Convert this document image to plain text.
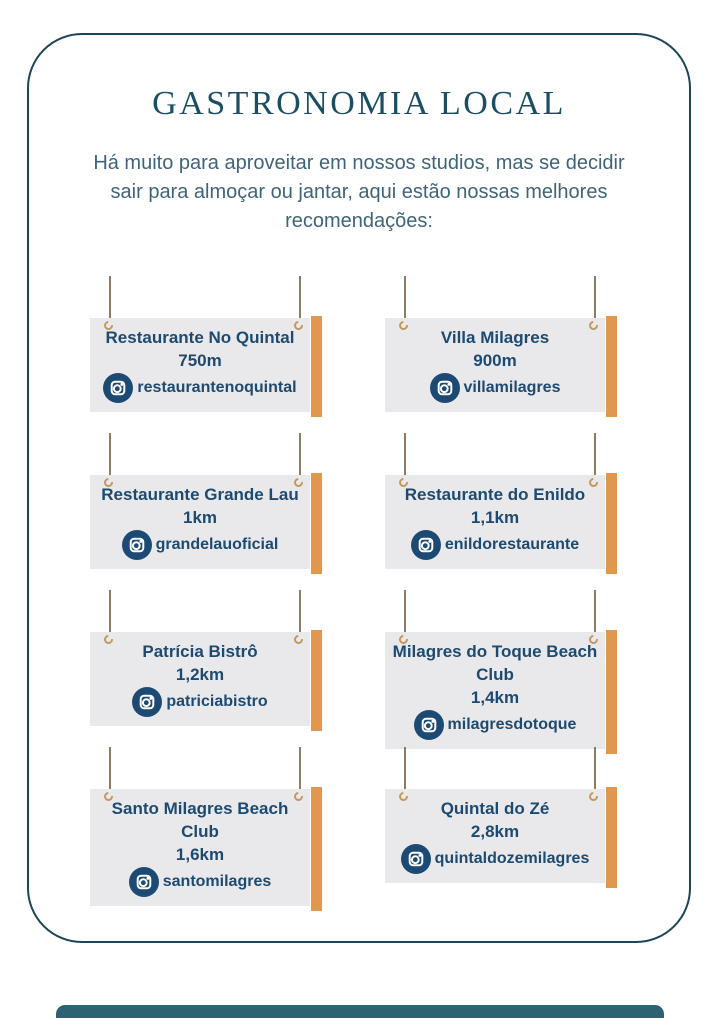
GASTRONOMIA LOCAL
Há muito para aproveitar em nossos studios, mas se decidir
sair para almoçar ou jantar, aqui estão nossas melhores
recomendações:
Restaurante No Quintal
750m
restaurantenoquintal
Villa Milagres
900m
villamilagres
Restaurante Grande Lau
1km
grandelauoficial
Restaurante do Enildo
1,1km
enildorestaurante
Patrícia Bistrô
1,2km
patriciabistro
Milagres do Toque Beach Club
1,4km
milagresdotoque
Santo Milagres Beach Club
1,6km
santomilagres
Quintal do Zé
2,8km
quintaldozemilagres
